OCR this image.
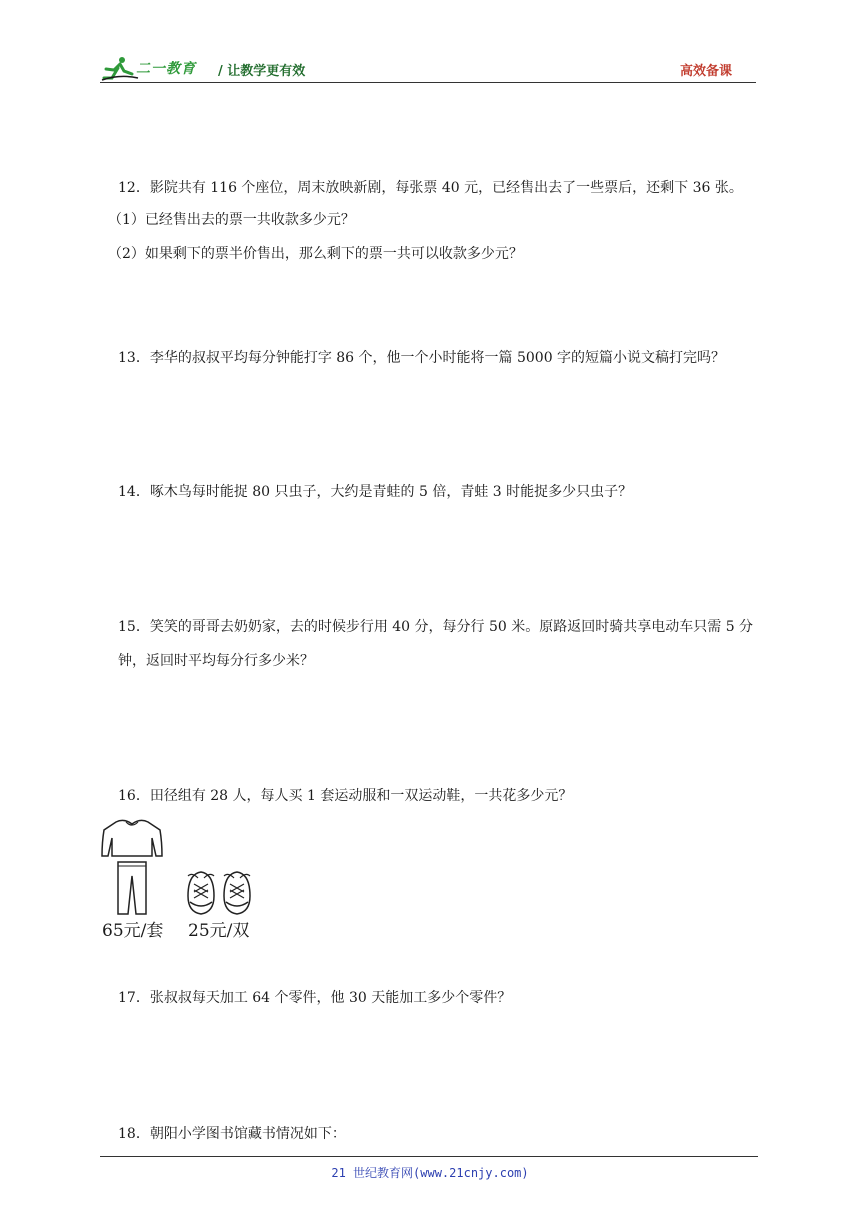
二一教育 / 让教学更有效	高效备课
12．影院共有 116 个座位，周末放映新剧，每张票 40 元，已经售出去了一些票后，还剩下 36 张。
（1）已经售出去的票一共收款多少元？
（2）如果剩下的票半价售出，那么剩下的票一共可以收款多少元？
13．李华的叔叔平均每分钟能打字 86 个，他一个小时能将一篇 5000 字的短篇小说文稿打完吗？
14．啄木鸟每时能捉 80 只虫子，大约是青蛙的 5 倍，青蛙 3 时能捉多少只虫子？
15．笑笑的哥哥去奶奶家，去的时候步行用 40 分，每分行 50 米。原路返回时骑共享电动车只需 5 分钟，返回时平均每分行多少米？
16．田径组有 28 人，每人买 1 套运动服和一双运动鞋，一共花多少元？
65元/套 25元/双
17．张叔叔每天加工 64 个零件，他 30 天能加工多少个零件？
18．朝阳小学图书馆藏书情况如下：
21 世纪教育网(www.21cnjy.com)
